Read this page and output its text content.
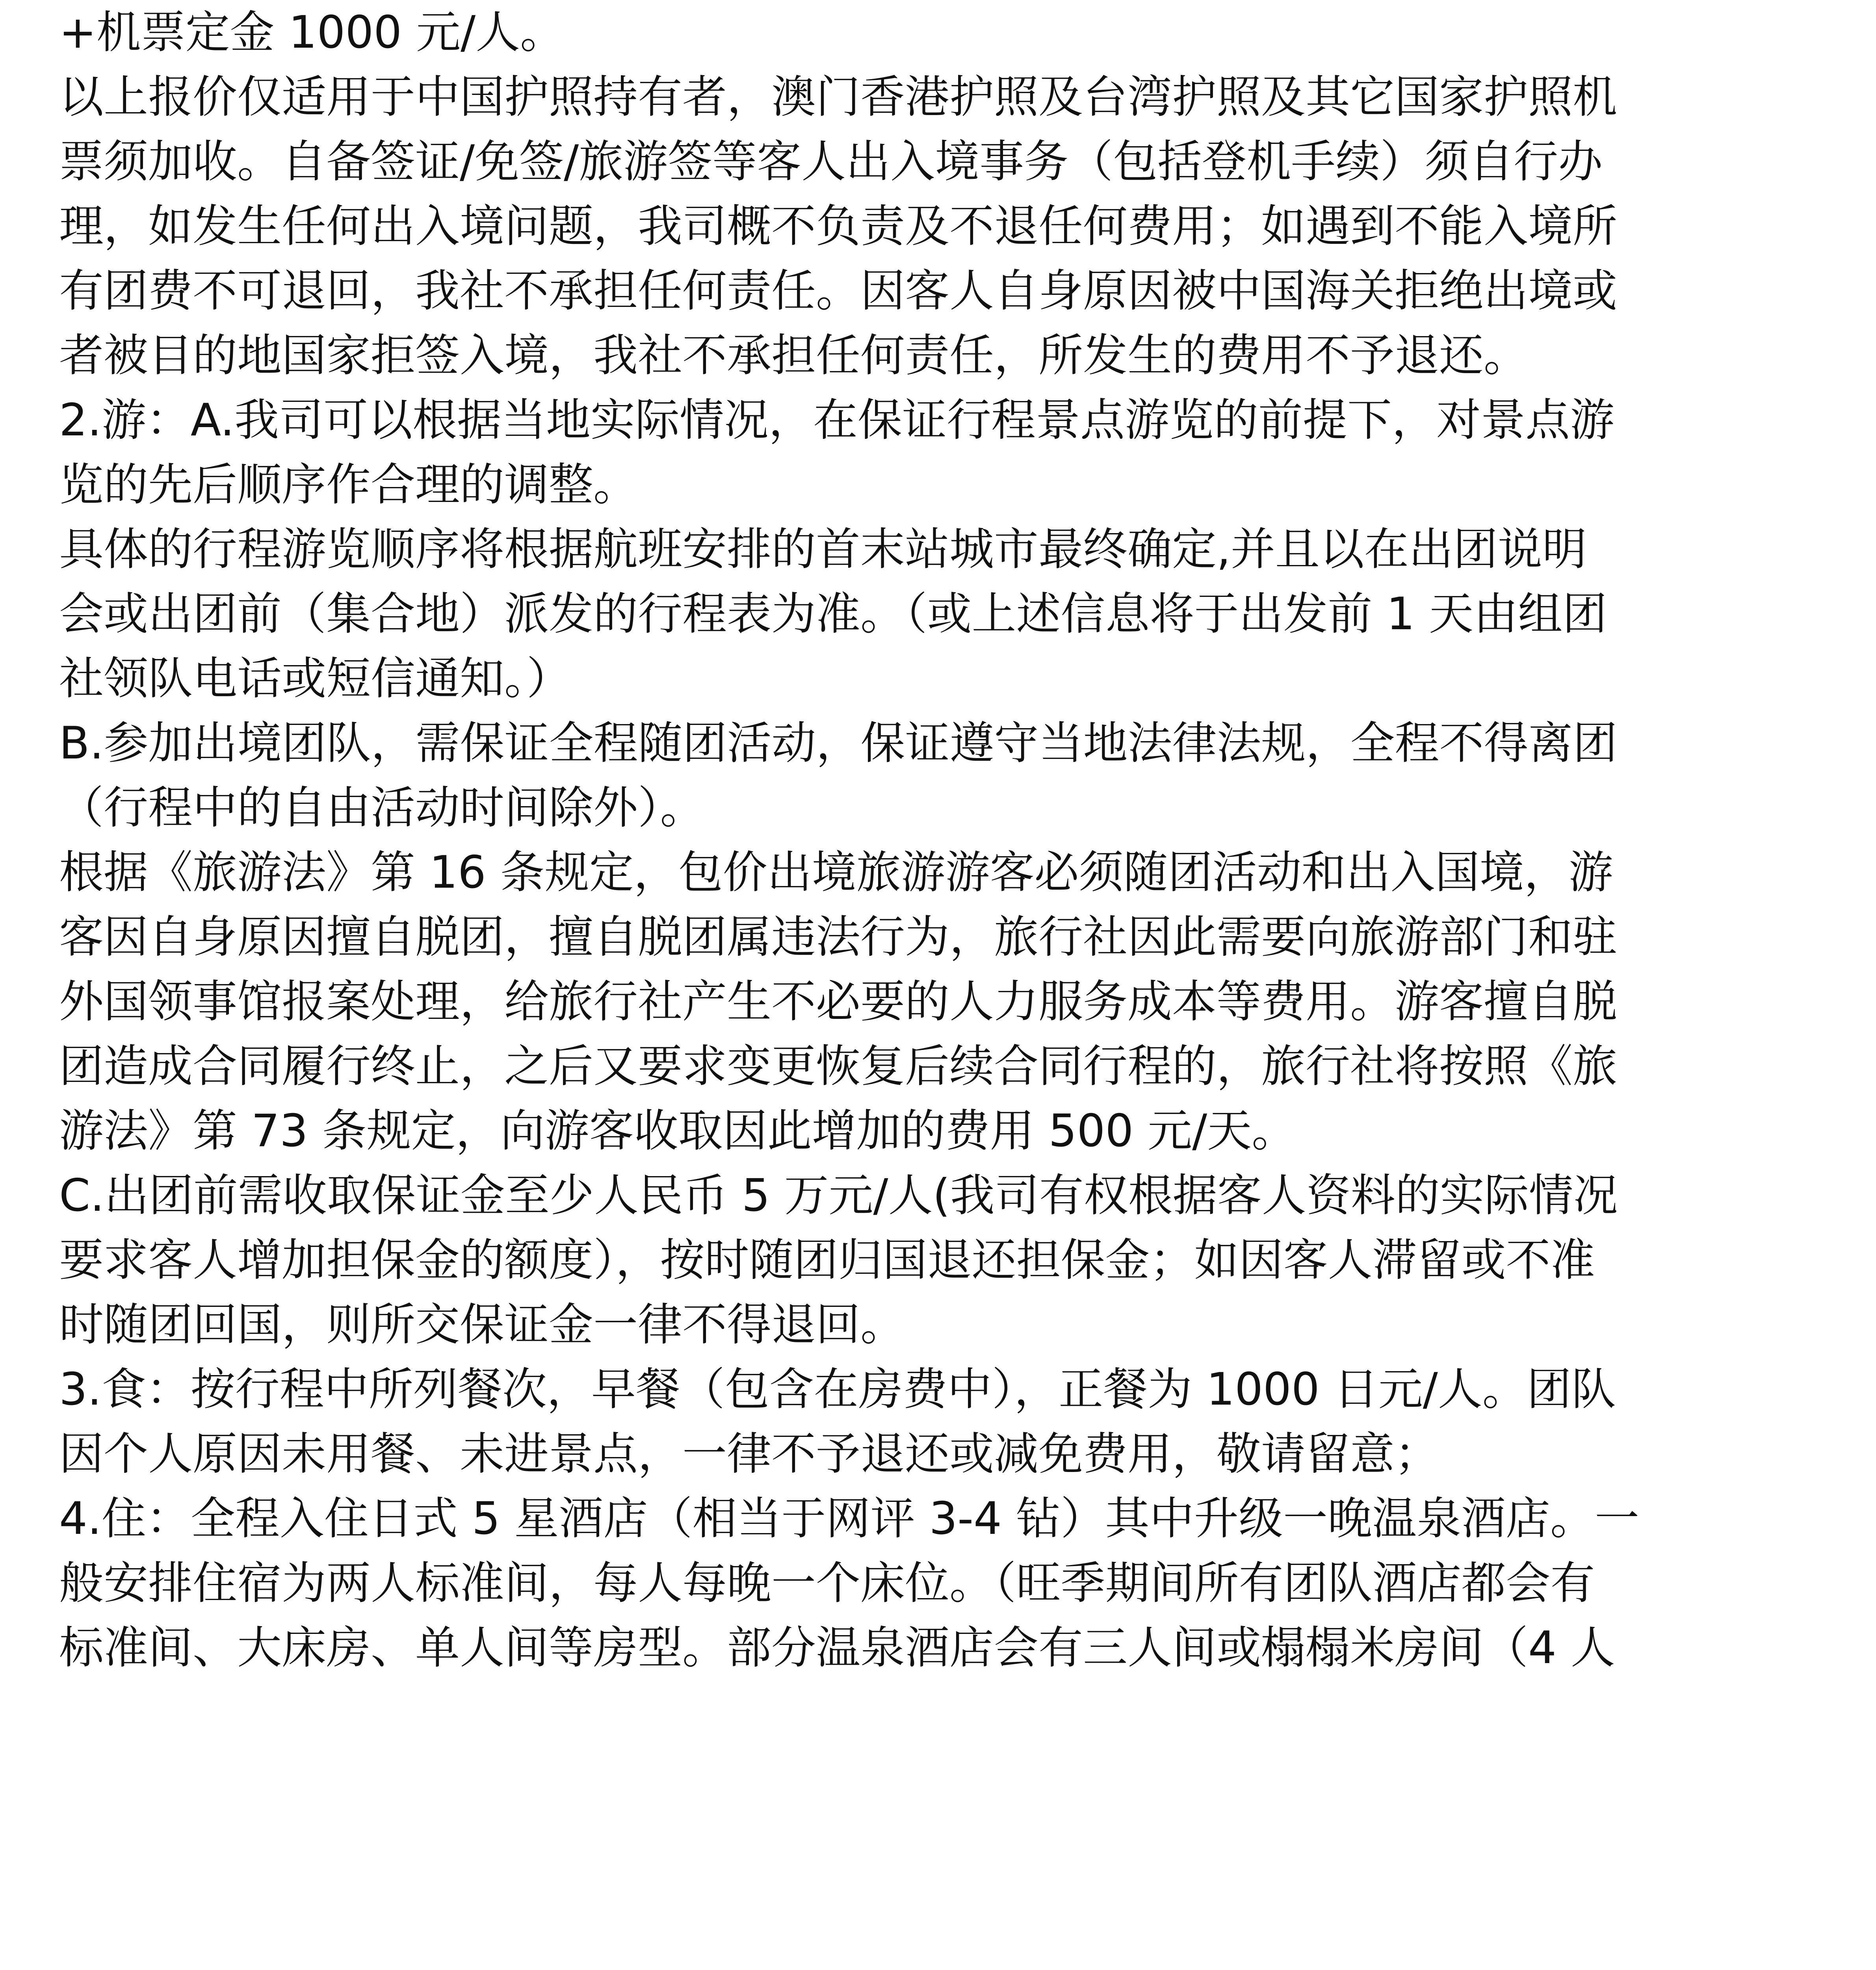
+机票定金 1000 元/人。
以上报价仅适用于中国护照持有者，澳门香港护照及台湾护照及其它国家护照机
票须加收。自备签证/免签/旅游签等客人出入境事务（包括登机手续）须自行办
理，如发生任何出入境问题，我司概不负责及不退任何费用；如遇到不能入境所
有团费不可退回，我社不承担任何责任。因客人自身原因被中国海关拒绝出境或
者被目的地国家拒签入境，我社不承担任何责任，所发生的费用不予退还。
2.游：A.我司可以根据当地实际情况，在保证行程景点游览的前提下，对景点游
览的先后顺序作合理的调整。
具体的行程游览顺序将根据航班安排的首末站城市最终确定,并且以在出团说明
会或出团前（集合地）派发的行程表为准。（或上述信息将于出发前 1 天由组团
社领队电话或短信通知。）
B.参加出境团队，需保证全程随团活动，保证遵守当地法律法规，全程不得离团
（行程中的自由活动时间除外）。
根据《旅游法》第 16 条规定，包价出境旅游游客必须随团活动和出入国境，游
客因自身原因擅自脱团，擅自脱团属违法行为，旅行社因此需要向旅游部门和驻
外国领事馆报案处理，给旅行社产生不必要的人力服务成本等费用。游客擅自脱
团造成合同履行终止，之后又要求变更恢复后续合同行程的，旅行社将按照《旅
游法》第 73 条规定，向游客收取因此增加的费用 500 元/天。
C.出团前需收取保证金至少人民币 5 万元/人(我司有权根据客人资料的实际情况
要求客人增加担保金的额度），按时随团归国退还担保金；如因客人滞留或不准
时随团回国，则所交保证金一律不得退回。
3.食：按行程中所列餐次，早餐（包含在房费中），正餐为 1000 日元/人。团队
因个人原因未用餐、未进景点，一律不予退还或减免费用，敬请留意；
4.住：全程入住日式 5 星酒店（相当于网评 3-4 钻）其中升级一晚温泉酒店。一
般安排住宿为两人标准间，每人每晚一个床位。（旺季期间所有团队酒店都会有
标准间、大床房、单人间等房型。部分温泉酒店会有三人间或榻榻米房间（4 人
